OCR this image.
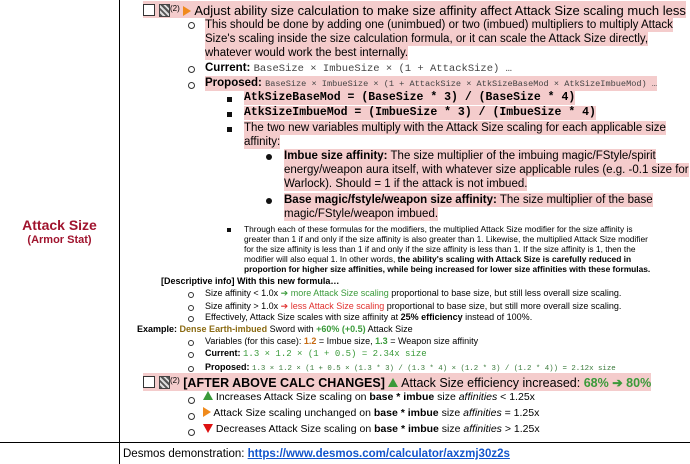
Attack Size
(Armor Stat)
$^{(2)}$ Adjust ability size calculation to make size affinity affect Attack Size scaling much less
This should be done by adding one (unimbued) or two (imbued) multipliers to multiply Attack
Size's scaling inside the size calculation formula, or it can scale the Attack Size directly,
whatever would work the best internally.
Current: BaseSize × ImbueSize × (1 + AttackSize) …
Proposed: BaseSize × ImbueSize × (1 + AttackSize × AtkSizeBaseMod × AtkSizeImbueMod) …
AtkSizeBaseMod = (BaseSize * 3) / (BaseSize * 4)
AtkSizeImbueMod = (ImbueSize * 3) / (ImbueSize * 4)
The two new variables multiply with the Attack Size scaling for each applicable size
affinity:
Imbue size affinity: The size multiplier of the imbuing magic/FStyle/spirit
energy/weapon aura itself, with whatever size applicable rules (e.g. -0.1 size for
Warlock). Should = 1 if the attack is not imbued.
Base magic/fstyle/weapon size affinity: The size multiplier of the base
magic/FStyle/weapon imbued.
Through each of these formulas for the modifiers, the multiplied Attack Size modifier for the size affinity is
greater than 1 if and only if the size affinity is also greater than 1. Likewise, the multiplied Attack Size modifier
for the size affinity is less than 1 if and only if the size affinity is less than 1. If the size affinity is 1, then the
modifier will also equal 1. In other words, the ability's scaling with Attack Size is carefully reduced in
proportion for higher size affinities, while being increased for lower size affinities with these formulas.
[Descriptive info] With this new formula…
Size affinity < 1.0x ➔ more Attack Size scaling proportional to base size, but still less overall size scaling.
Size affinity > 1.0x ➔ less Attack Size scaling proportional to base size, but still more overall size scaling.
Effectively, Attack Size scales with size affinity at 25% efficiency instead of 100%.
Example: Dense Earth-imbued Sword with +60% (+0.5) Attack Size
Variables (for this case): 1.2 = Imbue size, 1.3 = Weapon size affinity
Current: 1.3 × 1.2 × (1 + 0.5) = 2.34x size
Proposed: 1.3 × 1.2 × (1 + 0.5 × (1.3 * 3) / (1.3 * 4) × (1.2 * 3) / (1.2 * 4)) = 2.12x size
$^{(2)}$ [AFTER ABOVE CALC CHANGES] Attack Size efficiency increased: 68% ➔ 80%
Increases Attack Size scaling on base * imbue size affinities < 1.25x
Attack Size scaling unchanged on base * imbue size affinities = 1.25x
Decreases Attack Size scaling on base * imbue size affinities > 1.25x
Desmos demonstration: https://www.desmos.com/calculator/axzmj30z2s
